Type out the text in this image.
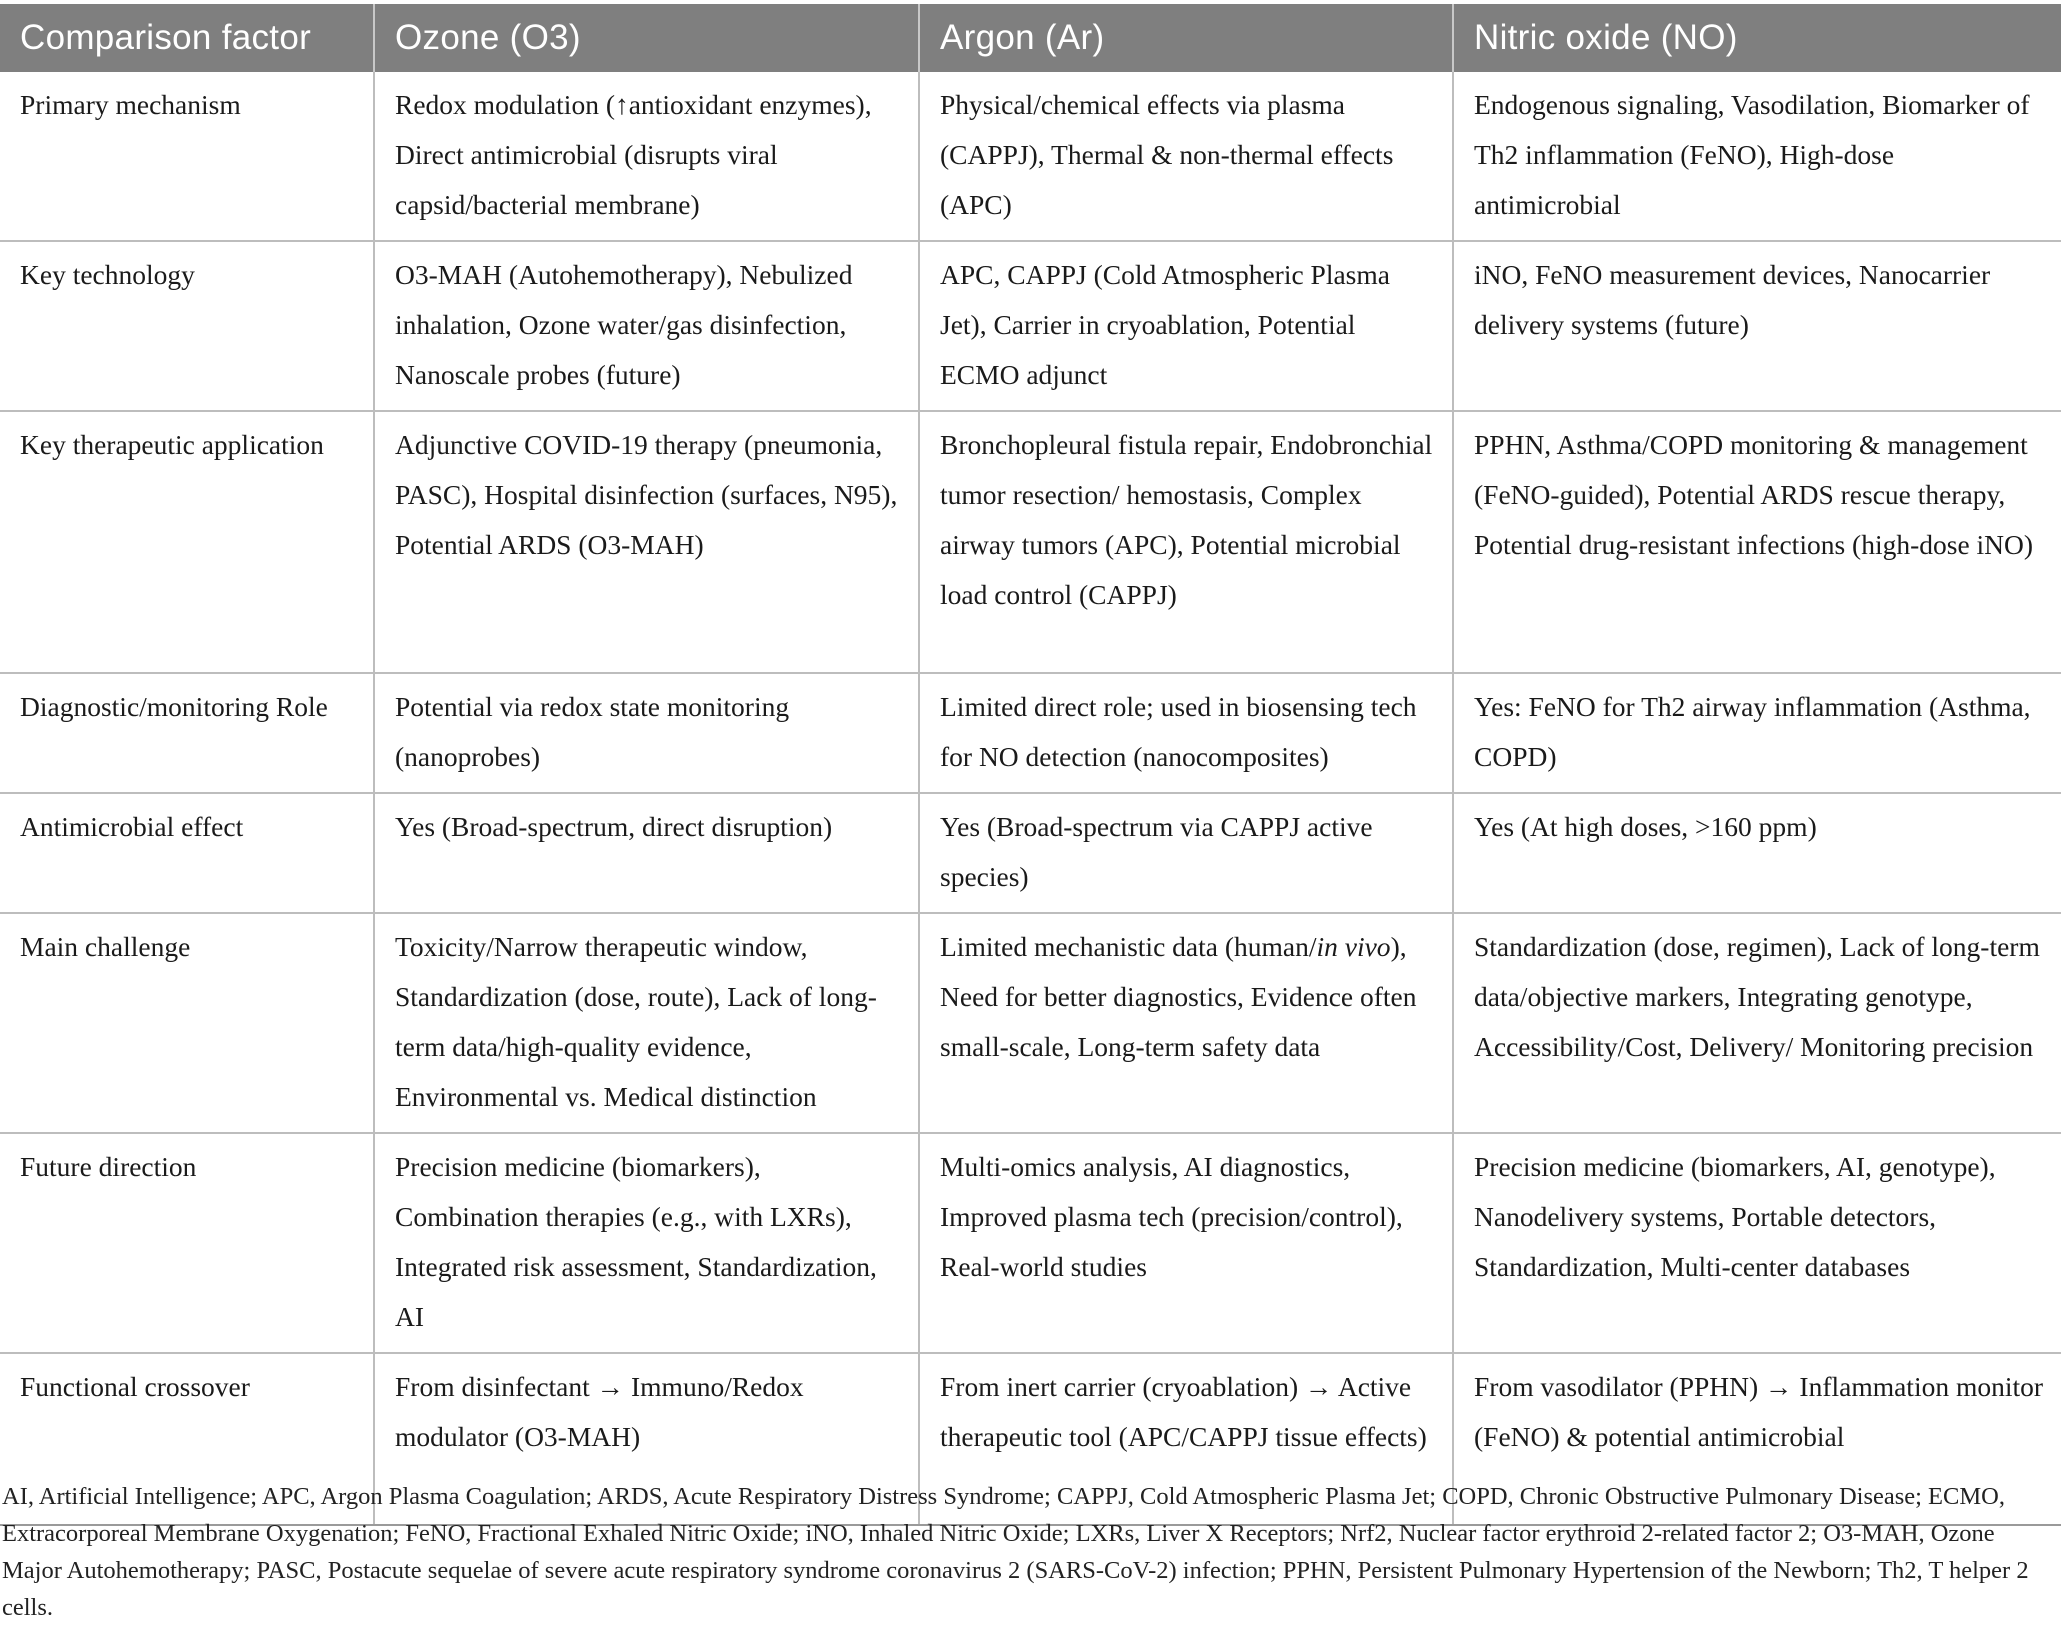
Comparison factor	Ozone (O3)	Argon (Ar)	Nitric oxide (NO)
Primary mechanism	Redox modulation (↑antioxidant enzymes), Direct antimicrobial (disrupts viral capsid/bacterial membrane)	Physical/chemical effects via plasma (CAPPJ), Thermal & non-thermal effects (APC)	Endogenous signaling, Vasodilation, Biomarker of Th2 inflammation (FeNO), High-dose antimicrobial
Key technology	O3-MAH (Autohemotherapy), Nebulized inhalation, Ozone water/gas disinfection, Nanoscale probes (future)	APC, CAPPJ (Cold Atmospheric Plasma Jet), Carrier in cryoablation, Potential ECMO adjunct	iNO, FeNO measurement devices, Nanocarrier delivery systems (future)
Key therapeutic application	Adjunctive COVID-19 therapy (pneumonia, PASC), Hospital disinfection (surfaces, N95), Potential ARDS (O3-MAH)	Bronchopleural fistula repair, Endobronchial tumor resection/ hemostasis, Complex airway tumors (APC), Potential microbial load control (CAPPJ)	PPHN, Asthma/COPD monitoring & management (FeNO-guided), Potential ARDS rescue therapy, Potential drug-resistant infections (high-dose iNO)
Diagnostic/monitoring Role	Potential via redox state monitoring (nanoprobes)	Limited direct role; used in biosensing tech for NO detection (nanocomposites)	Yes: FeNO for Th2 airway inflammation (Asthma, COPD)
Antimicrobial effect	Yes (Broad-spectrum, direct disruption)	Yes (Broad-spectrum via CAPPJ active species)	Yes (At high doses, >160 ppm)
Main challenge	Toxicity/Narrow therapeutic window, Standardization (dose, route), Lack of long-term data/high-quality evidence, Environmental vs. Medical distinction	Limited mechanistic data (human/in vivo), Need for better diagnostics, Evidence often small-scale, Long-term safety data	Standardization (dose, regimen), Lack of long-term data/objective markers, Integrating genotype, Accessibility/Cost, Delivery/ Monitoring precision
Future direction	Precision medicine (biomarkers), Combination therapies (e.g., with LXRs), Integrated risk assessment, Standardization, AI	Multi-omics analysis, AI diagnostics, Improved plasma tech (precision/control), Real-world studies	Precision medicine (biomarkers, AI, genotype), Nanodelivery systems, Portable detectors, Standardization, Multi-center databases
Functional crossover	From disinfectant → Immuno/Redox modulator (O3-MAH)	From inert carrier (cryoablation) → Active therapeutic tool (APC/CAPPJ tissue effects)	From vasodilator (PPHN) → Inflammation monitor (FeNO) & potential antimicrobial
AI, Artificial Intelligence; APC, Argon Plasma Coagulation; ARDS, Acute Respiratory Distress Syndrome; CAPPJ, Cold Atmospheric Plasma Jet; COPD, Chronic Obstructive Pulmonary Disease; ECMO, Extracorporeal Membrane Oxygenation; FeNO, Fractional Exhaled Nitric Oxide; iNO, Inhaled Nitric Oxide; LXRs, Liver X Receptors; Nrf2, Nuclear factor erythroid 2-related factor 2; O3-MAH, Ozone Major Autohemotherapy; PASC, Postacute sequelae of severe acute respiratory syndrome coronavirus 2 (SARS-CoV-2) infection; PPHN, Persistent Pulmonary Hypertension of the Newborn; Th2, T helper 2 cells.
